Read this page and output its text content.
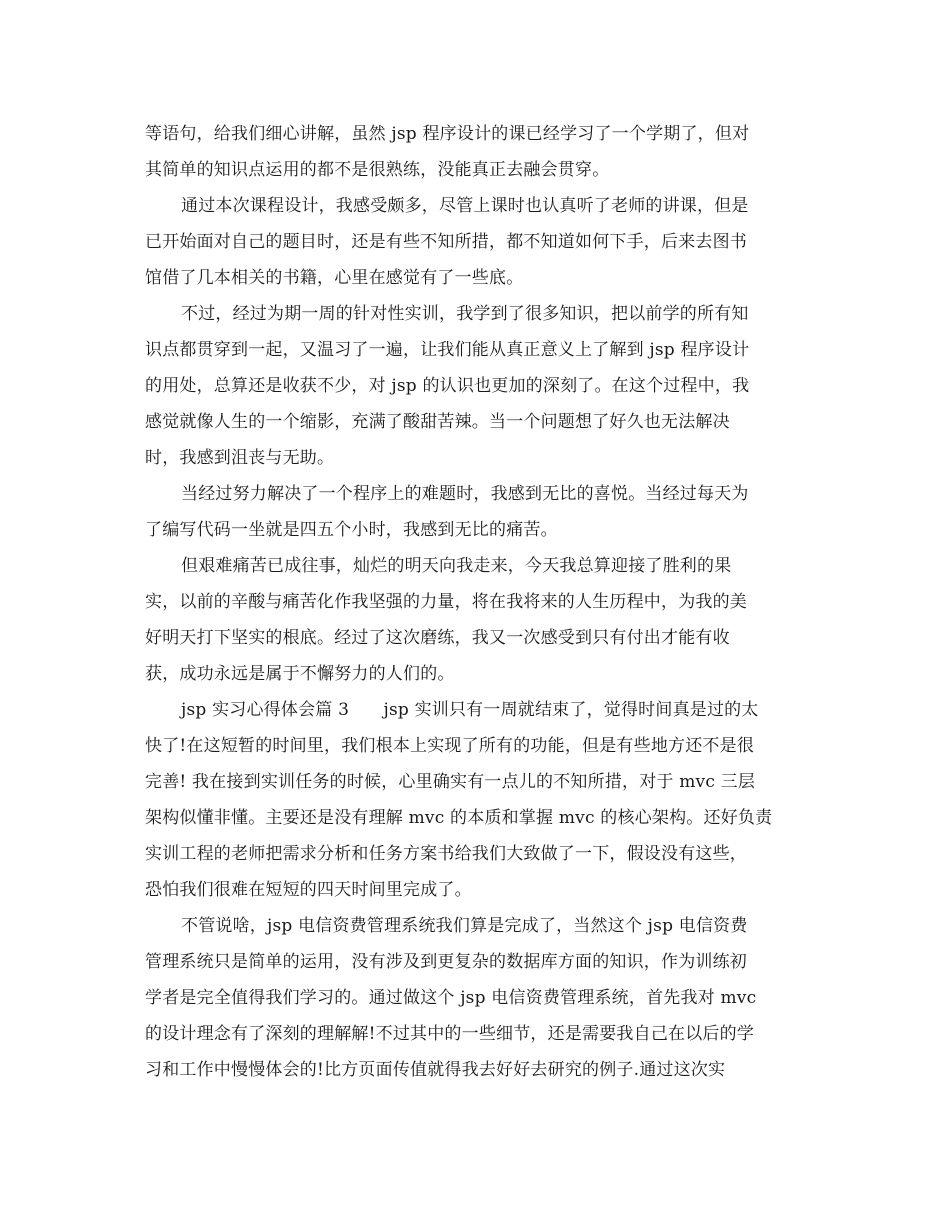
等语句，给我们细心讲解，虽然 jsp 程序设计的课已经学习了一个学期了，但对
其简单的知识点运用的都不是很熟练，没能真正去融会贯穿。
通过本次课程设计，我感受颇多，尽管上课时也认真听了老师的讲课，但是
已开始面对自己的题目时，还是有些不知所措，都不知道如何下手，后来去图书
馆借了几本相关的书籍，心里在感觉有了一些底。
不过，经过为期一周的针对性实训，我学到了很多知识，把以前学的所有知
识点都贯穿到一起，又温习了一遍，让我们能从真正意义上了解到 jsp 程序设计
的用处，总算还是收获不少，对 jsp 的认识也更加的深刻了。在这个过程中，我
感觉就像人生的一个缩影，充满了酸甜苦辣。当一个问题想了好久也无法解决
时，我感到沮丧与无助。
当经过努力解决了一个程序上的难题时，我感到无比的喜悦。当经过每天为
了编写代码一坐就是四五个小时，我感到无比的痛苦。
但艰难痛苦已成往事，灿烂的明天向我走来，今天我总算迎接了胜利的果
实，以前的辛酸与痛苦化作我坚强的力量，将在我将来的人生历程中，为我的美
好明天打下坚实的根底。经过了这次磨练，我又一次感受到只有付出才能有收
获，成功永远是属于不懈努力的人们的。
jsp 实习心得体会篇 3　　jsp 实训只有一周就结束了，觉得时间真是过的太
快了!在这短暂的时间里，我们根本上实现了所有的功能，但是有些地方还不是很
完善! 我在接到实训任务的时候，心里确实有一点儿的不知所措，对于 mvc 三层
架构似懂非懂。主要还是没有理解 mvc 的本质和掌握 mvc 的核心架构。还好负责
实训工程的老师把需求分析和任务方案书给我们大致做了一下，假设没有这些，
恐怕我们很难在短短的四天时间里完成了。
不管说啥，jsp 电信资费管理系统我们算是完成了，当然这个 jsp 电信资费
管理系统只是简单的运用，没有涉及到更复杂的数据库方面的知识，作为训练初
学者是完全值得我们学习的。通过做这个 jsp 电信资费管理系统，首先我对 mvc
的设计理念有了深刻的理解解!不过其中的一些细节，还是需要我自己在以后的学
习和工作中慢慢体会的!比方页面传值就得我去好好去研究的例子.通过这次实
